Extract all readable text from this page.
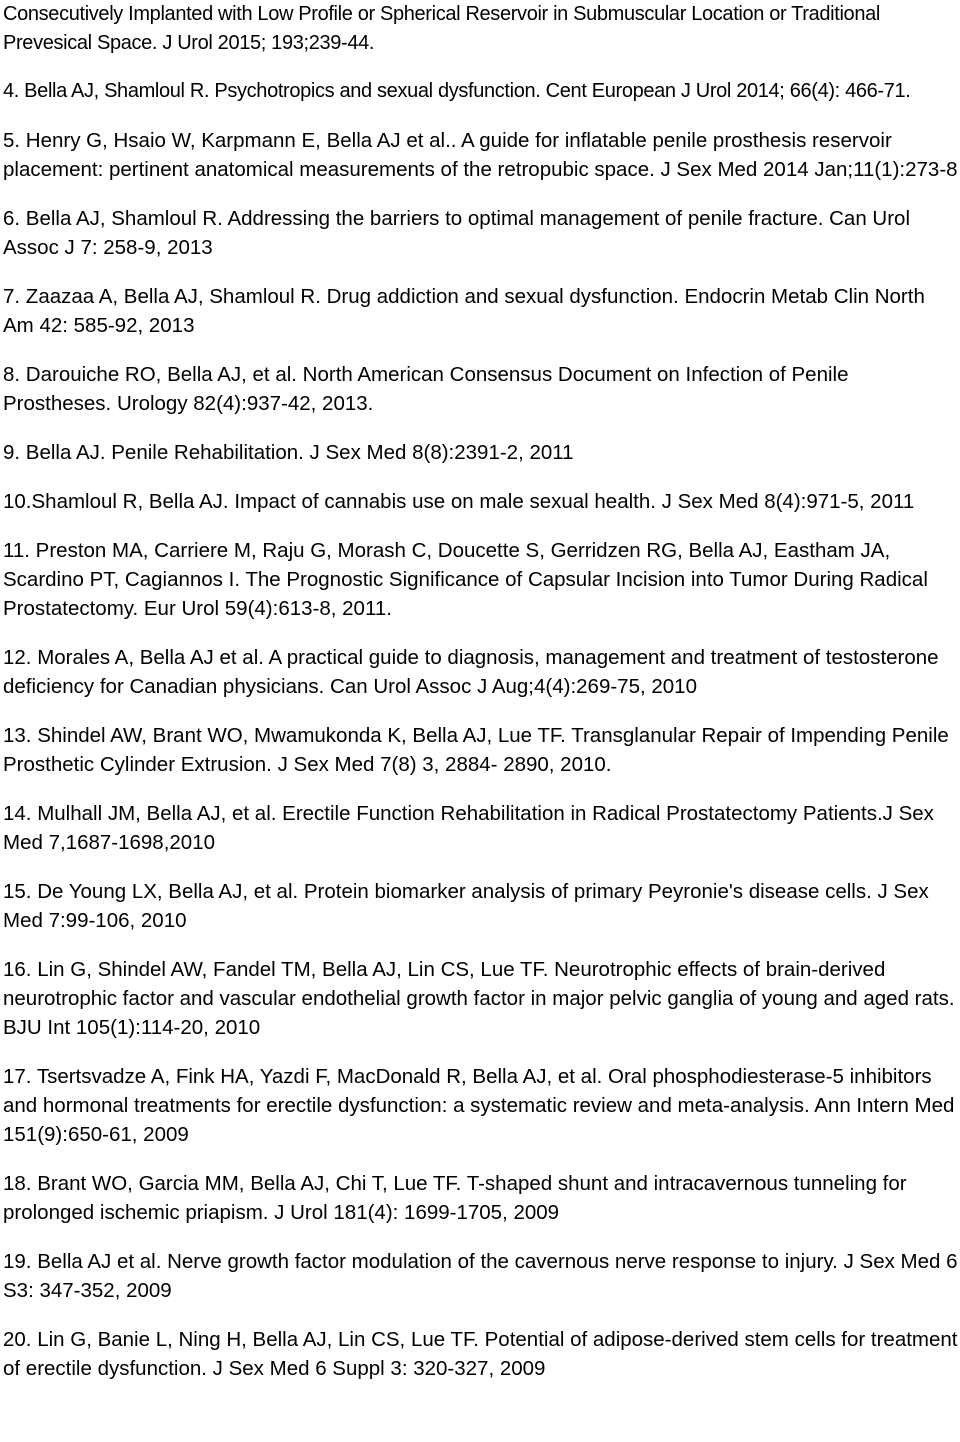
Consecutively Implanted with Low Profile or Spherical Reservoir in Submuscular Location or Traditional Prevesical Space. J Urol 2015; 193;239-44.
4. Bella AJ, Shamloul R. Psychotropics and sexual dysfunction. Cent European J Urol 2014; 66(4): 466-71.
5. Henry G, Hsaio W, Karpmann E, Bella AJ et al.. A guide for inflatable penile prosthesis reservoir placement: pertinent anatomical measurements of the retropubic space. J Sex Med 2014 Jan;11(1):273-8
6. Bella AJ, Shamloul R. Addressing the barriers to optimal management of penile fracture. Can Urol Assoc J 7: 258-9, 2013
7. Zaazaa A, Bella AJ, Shamloul R. Drug addiction and sexual dysfunction. Endocrin Metab Clin North Am 42: 585-92, 2013
8. Darouiche RO, Bella AJ, et al. North American Consensus Document on Infection of Penile Prostheses. Urology 82(4):937-42, 2013.
9. Bella AJ. Penile Rehabilitation. J Sex Med 8(8):2391-2, 2011
10.Shamloul R, Bella AJ. Impact of cannabis use on male sexual health. J Sex Med 8(4):971-5, 2011
11. Preston MA, Carriere M, Raju G, Morash C, Doucette S, Gerridzen RG, Bella AJ, Eastham JA, Scardino PT, Cagiannos I. The Prognostic Significance of Capsular Incision into Tumor During Radical Prostatectomy. Eur Urol 59(4):613-8, 2011.
12. Morales A, Bella AJ et al. A practical guide to diagnosis, management and treatment of testosterone deficiency for Canadian physicians. Can Urol Assoc J Aug;4(4):269-75, 2010
13. Shindel AW, Brant WO, Mwamukonda K, Bella AJ, Lue TF. Transglanular Repair of Impending Penile Prosthetic Cylinder Extrusion. J Sex Med 7(8) 3, 2884- 2890, 2010.
14. Mulhall JM, Bella AJ, et al. Erectile Function Rehabilitation in Radical Prostatectomy Patients.J Sex Med 7,1687-1698,2010
15. De Young LX, Bella AJ, et al. Protein biomarker analysis of primary Peyronie's disease cells. J Sex Med 7:99-106, 2010
16. Lin G, Shindel AW, Fandel TM, Bella AJ, Lin CS, Lue TF. Neurotrophic effects of brain-derived neurotrophic factor and vascular endothelial growth factor in major pelvic ganglia of young and aged rats. BJU Int 105(1):114-20, 2010
17. Tsertsvadze A, Fink HA, Yazdi F, MacDonald R, Bella AJ, et al. Oral phosphodiesterase-5 inhibitors and hormonal treatments for erectile dysfunction: a systematic review and meta-analysis. Ann Intern Med 151(9):650-61, 2009
18. Brant WO, Garcia MM, Bella AJ, Chi T, Lue TF. T-shaped shunt and intracavernous tunneling for prolonged ischemic priapism. J Urol 181(4): 1699-1705, 2009
19. Bella AJ et al. Nerve growth factor modulation of the cavernous nerve response to injury. J Sex Med 6 S3: 347-352, 2009
20. Lin G, Banie L, Ning H, Bella AJ, Lin CS, Lue TF. Potential of adipose-derived stem cells for treatment of erectile dysfunction. J Sex Med 6 Suppl 3: 320-327, 2009
